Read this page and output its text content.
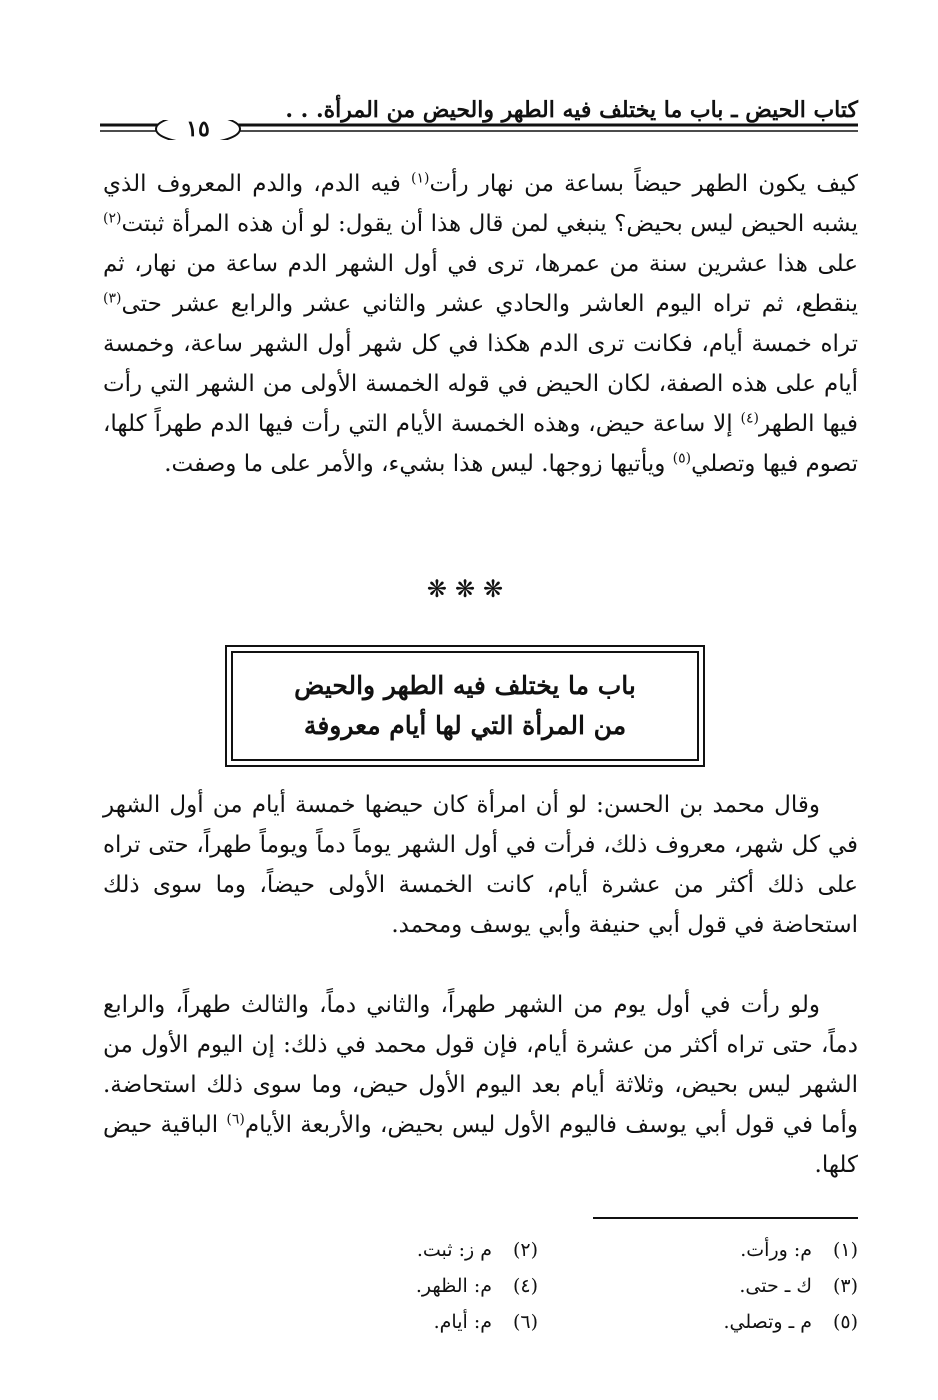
كتاب الحيض ـ باب ما يختلف فيه الطهر والحيض من المرأة. . .
١٥

كيف يكون الطهر حيضاً بساعة من نهار رأت$^{(١)}$ فيه الدم، والدم المعروف الذي يشبه الحيض ليس بحيض؟ ينبغي لمن قال هذا أن يقول: لو أن هذه المرأة ثبتت$^{(٢)}$ على هذا عشرين سنة من عمرها، ترى في أول الشهر الدم ساعة من نهار، ثم ينقطع، ثم تراه اليوم العاشر والحادي عشر والثاني عشر والرابع عشر حتى$^{(٣)}$ تراه خمسة أيام، فكانت ترى الدم هكذا في كل شهر أول الشهر ساعة، وخمسة أيام على هذه الصفة، لكان الحيض في قوله الخمسة الأولى من الشهر التي رأت فيها الطهر$^{(٤)}$ إلا ساعة حيض، وهذه الخمسة الأيام التي رأت فيها الدم طهراً كلها، تصوم فيها وتصلي$^{(٥)}$ ويأتيها زوجها. ليس هذا بشيء، والأمر على ما وصفت.

❋❋❋
باب ما يختلف فيه الطهر والحيض
من المرأة التي لها أيام معروفة

وقال محمد بن الحسن: لو أن امرأة كان حيضها خمسة أيام من أول الشهر في كل شهر، معروف ذلك، فرأت في أول الشهر يوماً دماً ويوماً طهراً، حتى تراه على ذلك أكثر من عشرة أيام، كانت الخمسة الأولى حيضاً، وما سوى ذلك استحاضة في قول أبي حنيفة وأبي يوسف ومحمد.

ولو رأت في أول يوم من الشهر طهراً، والثاني دماً، والثالث طهراً، والرابع دماً، حتى تراه أكثر من عشرة أيام، فإن قول محمد في ذلك: إن اليوم الأول من الشهر ليس بحيض، وثلاثة أيام بعد اليوم الأول حيض، وما سوى ذلك استحاضة. وأما في قول أبي يوسف فاليوم الأول ليس بحيض، والأربعة الأيام$^{(٦)}$ الباقية حيض كلها.

(١)م: ورأت.
(٢)م ز: ثبت.
(٣)ك ـ حتى.
(٤)م: الظهر.
(٥)م ـ وتصلي.
(٦)م: أيام.
